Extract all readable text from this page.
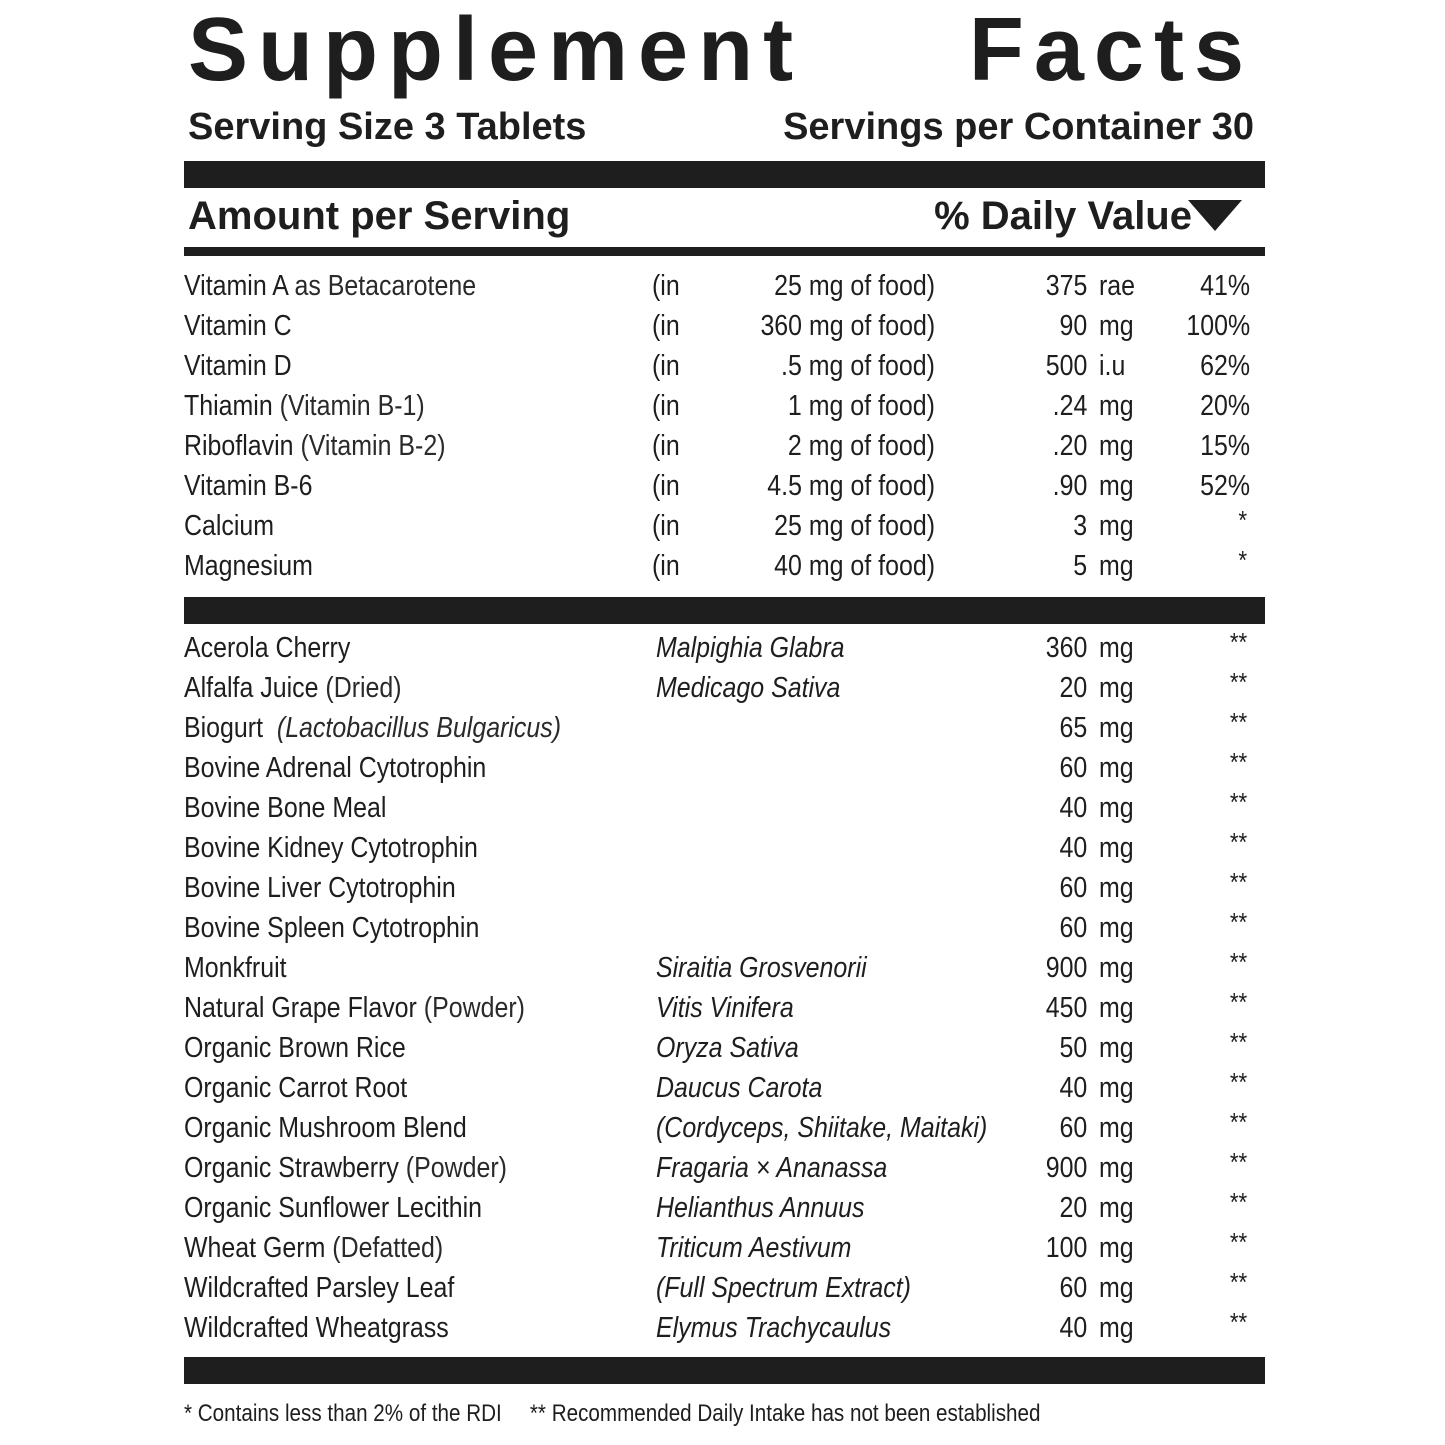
Supplement Facts
Serving Size 3 Tablets	Servings per Container 30
Amount per Serving	% Daily Value
Vitamin A as Betacarotene	(in	25 mg of food)	375 rae 41%
Vitamin C	(in	360 mg of food)	90 mg 100%
Vitamin D	(in	.5 mg of food)	500 i.u	62%
Thiamin (Vitamin B-1)	(in	1 mg of food)	.24 mg 20%
Riboflavin (Vitamin B-2)	(in	2 mg of food)	.20 mg 15%
Vitamin B-6	(in	4.5 mg of food)	.90 mg 52%
Calcium	(in	25 mg of food)	3 mg	*
Magnesium	(in	40 mg of food)	5 mg	*
Acerola Cherry	Malpighia Glabra	360 mg	**
Alfalfa Juice (Dried)	Medicago Sativa	20 mg	**
Biogurt  (Lactobacillus Bulgaricus)	65 mg	**
Bovine Adrenal Cytotrophin	60 mg	**
Bovine Bone Meal	40 mg	**
Bovine Kidney Cytotrophin	40 mg	**
Bovine Liver Cytotrophin	60 mg	**
Bovine Spleen Cytotrophin	60 mg	**
Monkfruit	Siraitia Grosvenorii	900 mg	**
Natural Grape Flavor (Powder)	Vitis Vinifera	450 mg	**
Organic Brown Rice	Oryza Sativa	50 mg	**
Organic Carrot Root	Daucus Carota	40 mg	**
Organic Mushroom Blend	(Cordyceps, Shiitake, Maitaki) 60 mg	**
Organic Strawberry (Powder)	Fragaria × Ananassa	900 mg	**
Organic Sunflower Lecithin	Helianthus Annuus	20 mg	**
Wheat Germ (Defatted)	Triticum Aestivum	100 mg	**
Wildcrafted Parsley Leaf	(Full Spectrum Extract)	60 mg	**
Wildcrafted Wheatgrass	Elymus Trachycaulus	40 mg	**
* Contains less than 2% of the RDI ** Recommended Daily Intake has not been established
